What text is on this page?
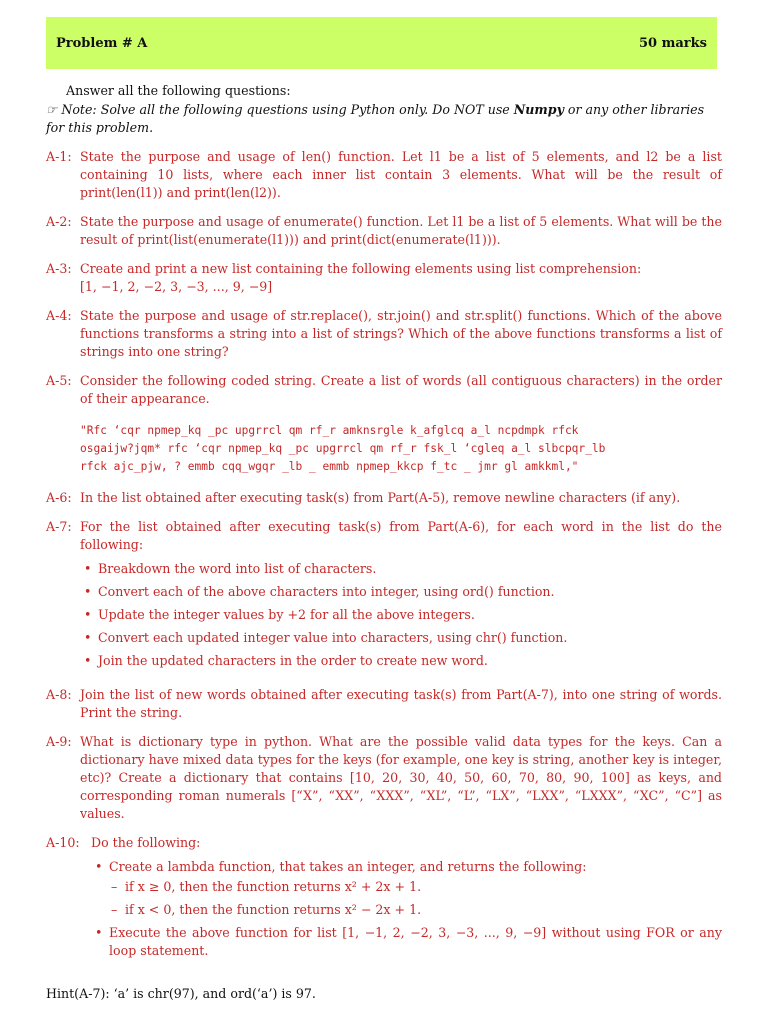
Problem # A	50 marks
Answer all the following questions:
☞ Note: Solve all the following questions using Python only. Do NOT use Numpy or any other libraries for this problem.
A-1: State the purpose and usage of len() function. Let l1 be a list of 5 elements, and l2 be a list containing 10 lists, where each inner list contain 3 elements. What will be the result of print(len(l1)) and print(len(l2)).
A-2: State the purpose and usage of enumerate() function. Let l1 be a list of 5 elements. What will be the result of print(list(enumerate(l1))) and print(dict(enumerate(l1))).
A-3: Create and print a new list containing the following elements using list comprehension:
[1, −1, 2, −2, 3, −3, ..., 9, −9]
A-4: State the purpose and usage of str.replace(), str.join() and str.split() functions. Which of the above functions transforms a string into a list of strings? Which of the above functions transforms a list of strings into one string?
A-5: Consider the following coded string. Create a list of words (all contiguous characters) in the order of their appearance.
"Rfc ‘cqr npmep_kq _pc upgrrcl qm rf_r amknsrgle k_afglcq a_l ncpdmpk rfck
osgaijw?jqm* rfc ‘cqr npmep_kq _pc upgrrcl qm rf_r fsk_l ‘cgleq a_l slbcpqr_lb
rfck ajc_pjw, ? emmb cqq_wgqr _lb _ emmb npmep_kkcp f_tc _ jmr gl amkkml,"
A-6: In the list obtained after executing task(s) from Part(A-5), remove newline characters (if any).
A-7: For the list obtained after executing task(s) from Part(A-6), for each word in the list do the following:
• Breakdown the word into list of characters.
• Convert each of the above characters into integer, using ord() function.
• Update the integer values by +2 for all the above integers.
• Convert each updated integer value into characters, using chr() function.
• Join the updated characters in the order to create new word.
A-8: Join the list of new words obtained after executing task(s) from Part(A-7), into one string of words. Print the string.
A-9: What is dictionary type in python. What are the possible valid data types for the keys. Can a dictionary have mixed data types for the keys (for example, one key is string, another key is integer, etc)? Create a dictionary that contains [10, 20, 30, 40, 50, 60, 70, 80, 90, 100] as keys, and corresponding roman numerals [“X”, “XX”, “XXX”, “XL”, “L”, “LX”, “LXX”, “LXXX”, “XC”, “C”] as values.
A-10: Do the following:
• Create a lambda function, that takes an integer, and returns the following:
– if x ≥ 0, then the function returns x² + 2x + 1.
– if x < 0, then the function returns x² − 2x + 1.
• Execute the above function for list [1, −1, 2, −2, 3, −3, ..., 9, −9] without using FOR or any loop statement.
Hint(A-7): ‘a’ is chr(97), and ord(‘a’) is 97.
